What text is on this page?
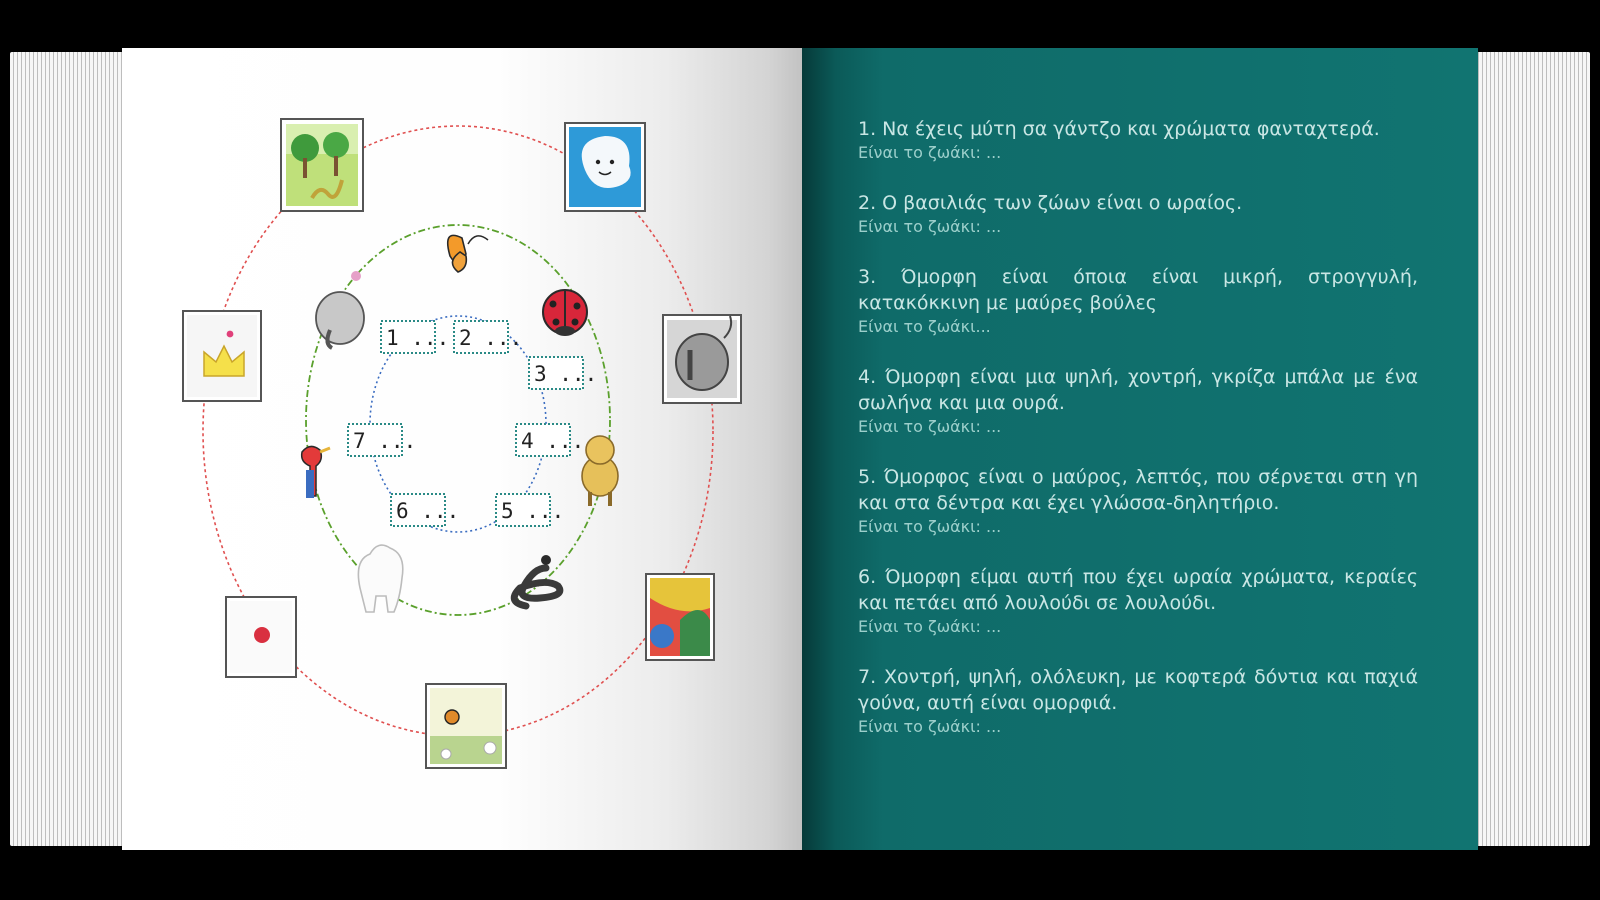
1 ... 2 ...
3 ...
4 ...
5 ...
6 ...
7 ...
1. Να έχεις μύτη σα γάντζο και χρώματα φανταχτερά.
Είναι το ζωάκι: ...
2. Ο βασιλιάς των ζώων είναι ο ωραίος.
Είναι το ζωάκι: ...
3. Όμορφη είναι όποια είναι μικρή, στρογγυλή, κατακόκκινη με μαύρες βούλες
Είναι το ζωάκι...
4. Όμορφη είναι μια ψηλή, χοντρή, γκρίζα μπάλα με ένα σωλήνα και μια ουρά.
Είναι το ζωάκι: ...
5. Όμορφος είναι ο μαύρος, λεπτός, που σέρνεται στη γη και στα δέντρα και έχει γλώσσα-δηλητήριο.
Είναι το ζωάκι: ...
6. Όμορφη είμαι αυτή που έχει ωραία χρώματα, κεραίες και πετάει από λουλούδι σε λουλούδι.
Είναι το ζωάκι: ...
7. Χοντρή, ψηλή, ολόλευκη, με κοφτερά δόντια και παχιά γούνα, αυτή είναι ομορφιά.
Είναι το ζωάκι: ...
